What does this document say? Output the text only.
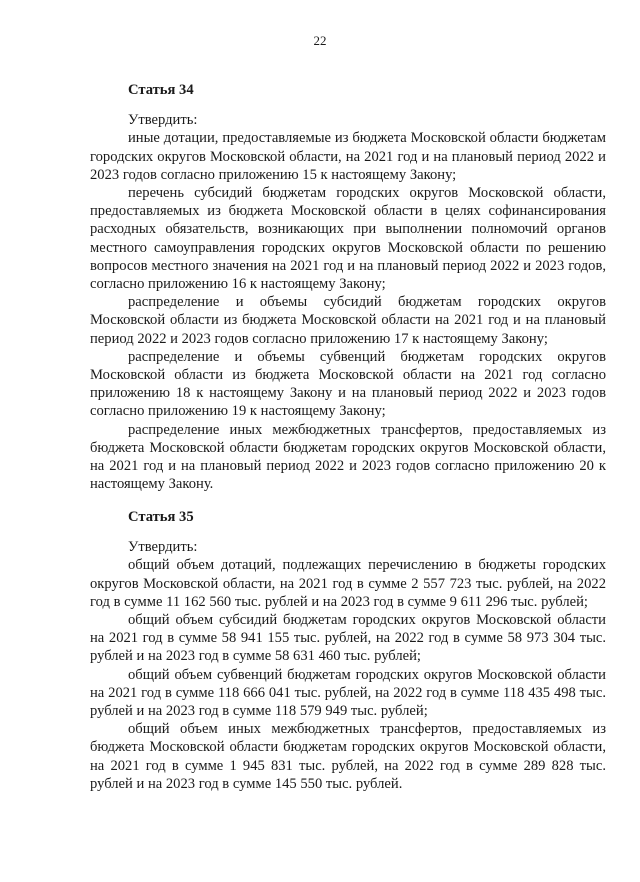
22
Статья 34
Утвердить:
иные дотации, предоставляемые из бюджета Московской области бюджетам городских округов Московской области, на 2021 год и на плановый период 2022 и 2023 годов согласно приложению 15 к настоящему Закону;
перечень субсидий бюджетам городских округов Московской области, предоставляемых из бюджета Московской области в целях софинансирования расходных обязательств, возникающих при выполнении полномочий органов местного самоуправления городских округов Московской области по решению вопросов местного значения на 2021 год и на плановый период 2022 и 2023 годов, согласно приложению 16 к настоящему Закону;
распределение и объемы субсидий бюджетам городских округов Московской области из бюджета Московской области на 2021 год и на плановый период 2022 и 2023 годов согласно приложению 17 к настоящему Закону;
распределение и объемы субвенций бюджетам городских округов Московской области из бюджета Московской области на 2021 год согласно приложению 18 к настоящему Закону и на плановый период 2022 и 2023 годов согласно приложению 19 к настоящему Закону;
распределение иных межбюджетных трансфертов, предоставляемых из бюджета Московской области бюджетам городских округов Московской области, на 2021 год и на плановый период 2022 и 2023 годов согласно приложению 20 к настоящему Закону.
Статья 35
Утвердить:
общий объем дотаций, подлежащих перечислению в бюджеты городских округов Московской области, на 2021 год в сумме 2 557 723 тыс. рублей, на 2022 год в сумме 11 162 560 тыс. рублей и на 2023 год в сумме 9 611 296 тыс. рублей;
общий объем субсидий бюджетам городских округов Московской области на 2021 год в сумме 58 941 155 тыс. рублей, на 2022 год в сумме 58 973 304 тыс. рублей и на 2023 год в сумме 58 631 460 тыс. рублей;
общий объем субвенций бюджетам городских округов Московской области на 2021 год в сумме 118 666 041 тыс. рублей, на 2022 год в сумме 118 435 498 тыс. рублей и на 2023 год в сумме 118 579 949 тыс. рублей;
общий объем иных межбюджетных трансфертов, предоставляемых из бюджета Московской области бюджетам городских округов Московской области, на 2021 год в сумме 1 945 831 тыс. рублей, на 2022 год в сумме 289 828 тыс. рублей и на 2023 год в сумме 145 550 тыс. рублей.
